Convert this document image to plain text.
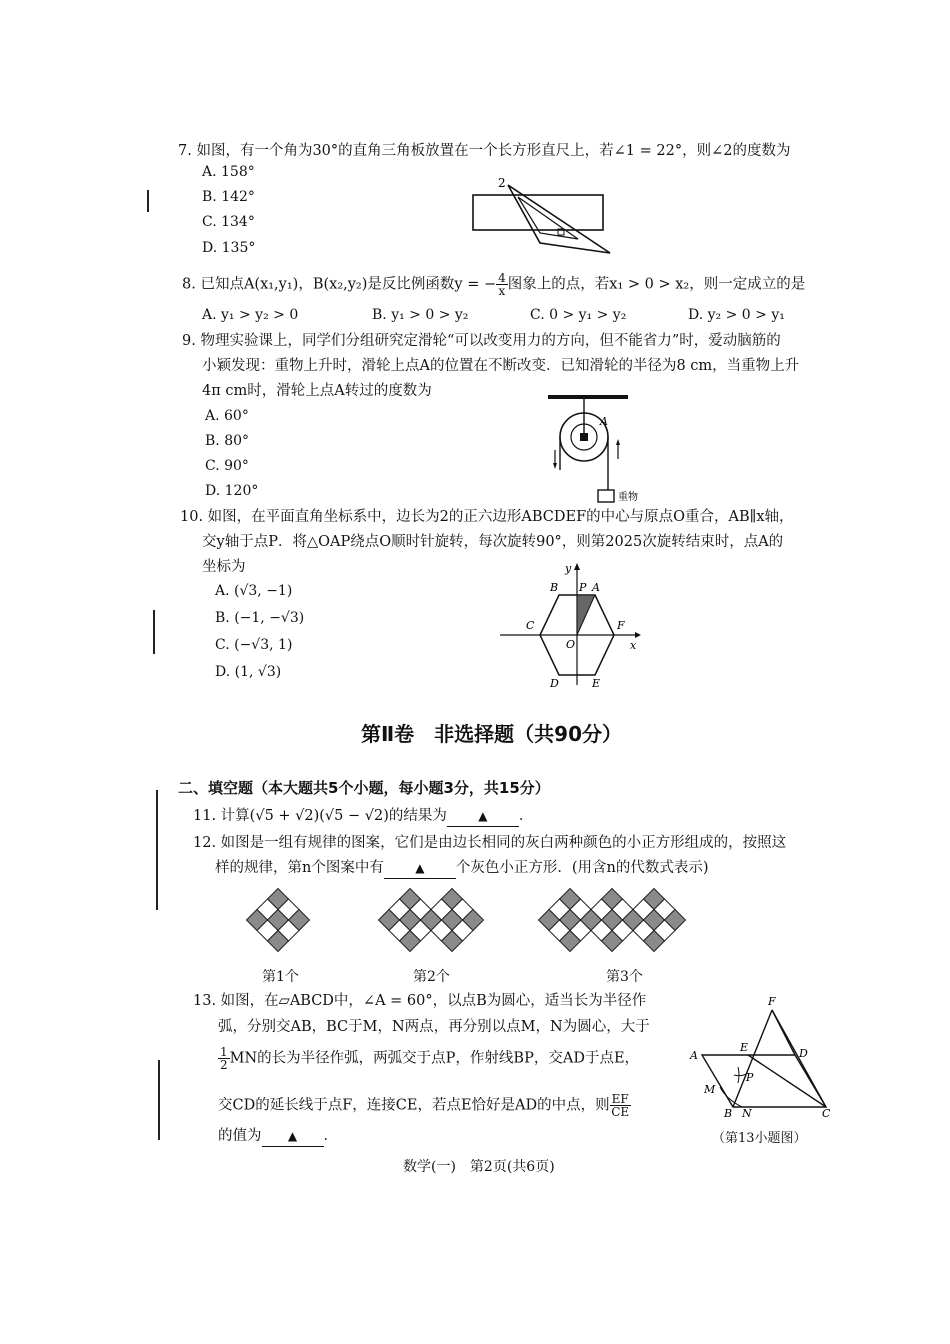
7. 如图，有一个角为30°的直角三角板放置在一个长方形直尺上，若∠1 = 22°，则∠2的度数为
A. 158°
B. 142°
C. 134°
D. 135°
2
8. 已知点A(x₁,y₁)，B(x₂,y₂)是反比例函数y = − $\frac{4}{x}$ 图象上的点，若x₁ > 0 > x₂，则一定成立的是
A. y₁ > y₂ > 0	B. y₁ > 0 > y₂	C. 0 > y₁ > y₂	D. y₂ > 0 > y₁
9. 物理实验课上，同学们分组研究定滑轮“可以改变用力的方向，但不能省力”时，爱动脑筋的
小颖发现：重物上升时，滑轮上点A的位置在不断改变．已知滑轮的半径为8 cm，当重物上升
4π cm时，滑轮上点A转过的度数为
A. 60°
B. 80°
C. 90°
D. 120°
A
重物
10. 如图，在平面直角坐标系中，边长为2的正六边形ABCDEF的中心与原点O重合，AB∥x轴，
交y轴于点P．将△OAP绕点O顺时针旋转，每次旋转90°，则第2025次旋转结束时，点A的
坐标为
A. (√3, −1)
B. (−1, −√3)
C. (−√3, 1)
D. (1, √3)
y
B P A
C
O
F
x
D	E
第Ⅱ卷　非选择题（共90分）
二、填空题（本大题共5个小题，每小题3分，共15分）
11. 计算(√5 + √2)(√5 − √2)的结果为	▲ ．
12. 如图是一组有规律的图案，它们是由边长相同的灰白两种颜色的小正方形组成的，按照这
样的规律，第n个图案中有	▲ 个灰色小正方形．(用含n的代数式表示)
第1个	第2个	第3个
13. 如图，在▱ABCD中，∠A = 60°，以点B为圆心，适当长为半径作
弧，分别交AB，BC于M，N两点，再分别以点M，N为圆心，大于
$\frac{1}{2}$ MN的长为半径作弧，两弧交于点P，作射线BP，交AD于点E，
交CD的延长线于点F，连接CE，若点E恰好是AD的中点，则 $\frac{EF}{CE}$
的值为 ▲ ．
F
A
E	D
M
P
B N	C
（第13小题图）
数学(一)　第2页(共6页)
